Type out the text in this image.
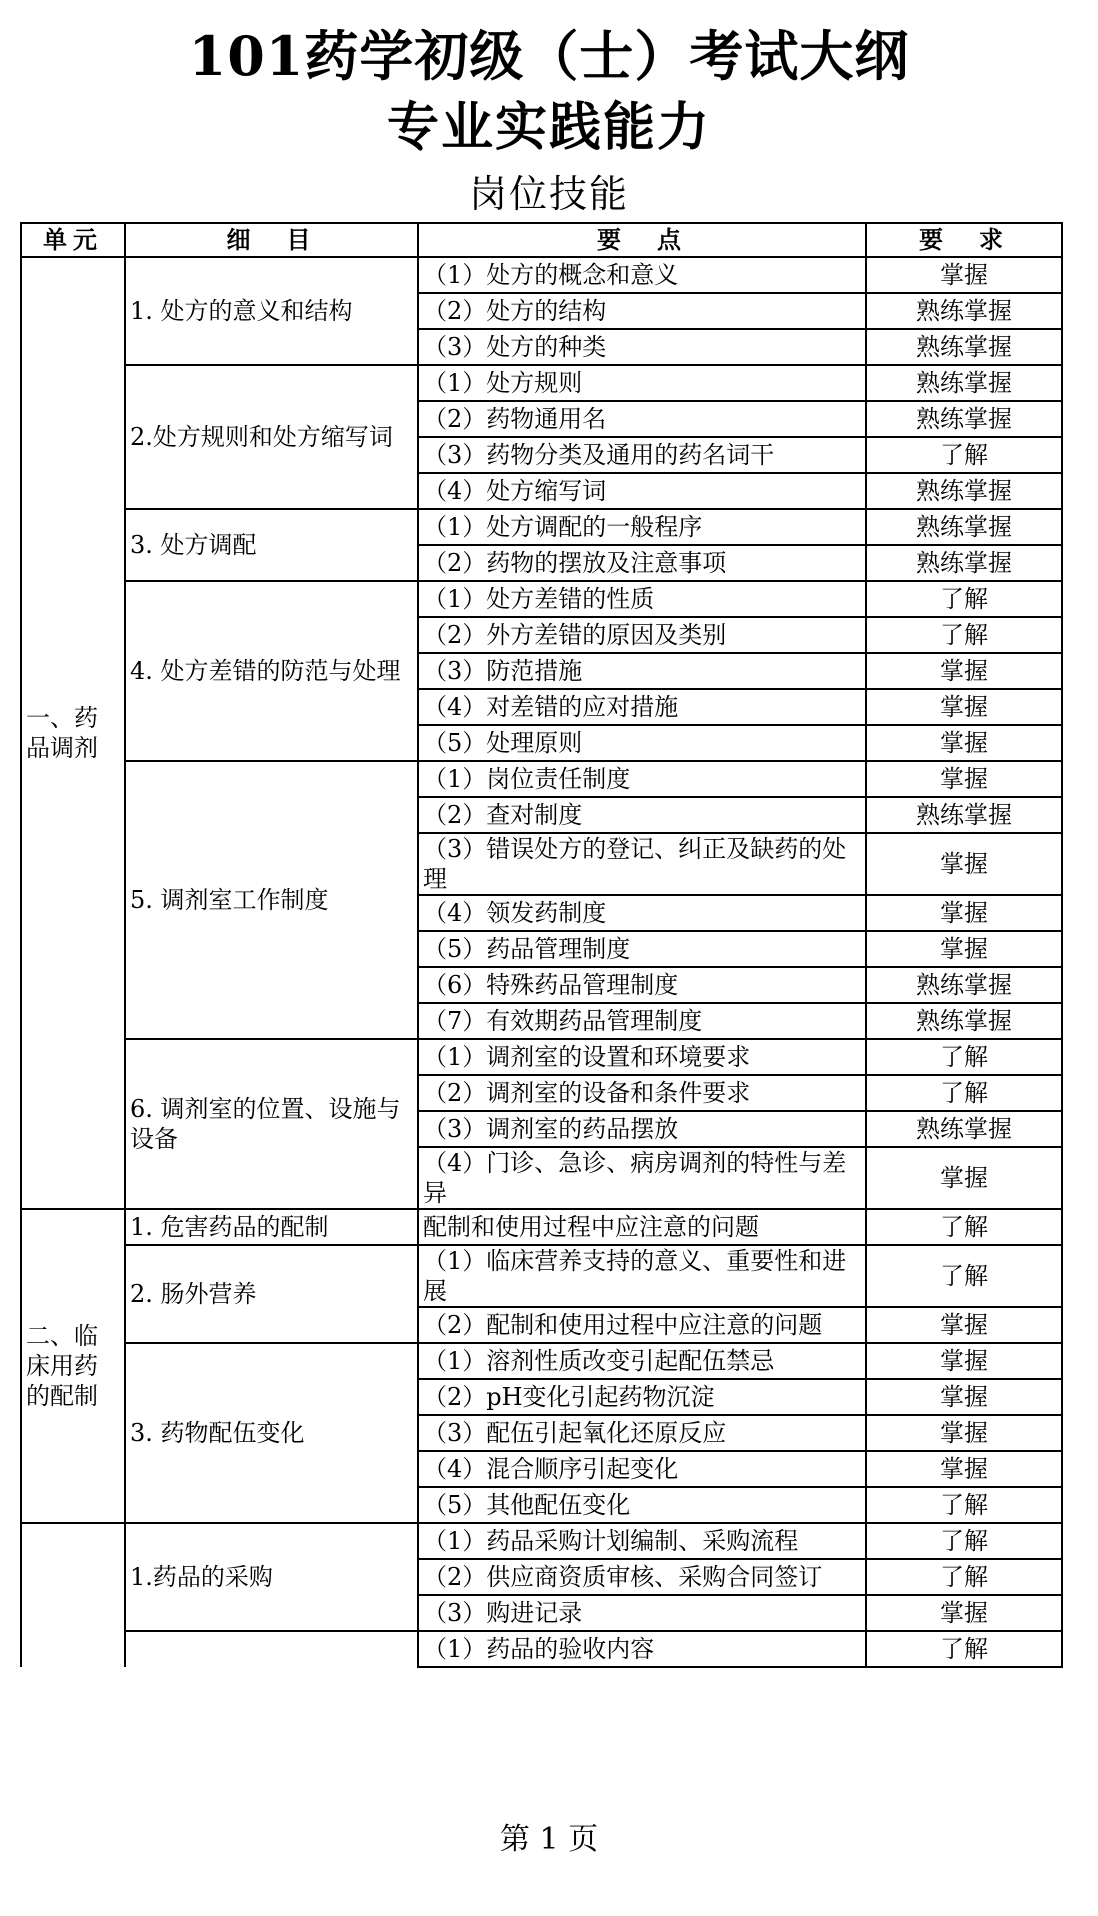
101药学初级（士）考试大纲
专业实践能力
岗位技能
单元	细　目	要　点	要　求
一、药品调剂	1. 处方的意义和结构	（1）处方的概念和意义	掌握
		（2）处方的结构	熟练掌握
		（3）处方的种类	熟练掌握
	2.处方规则和处方缩写词	（1）处方规则	熟练掌握
		（2）药物通用名	熟练掌握
		（3）药物分类及通用的药名词干	了解
		（4）处方缩写词	熟练掌握
	3. 处方调配	（1）处方调配的一般程序	熟练掌握
		（2）药物的摆放及注意事项	熟练掌握
	4. 处方差错的防范与处理	（1）处方差错的性质	了解
		（2）外方差错的原因及类别	了解
		（3）防范措施	掌握
		（4）对差错的应对措施	掌握
		（5）处理原则	掌握
	5. 调剂室工作制度	（1）岗位责任制度	掌握
		（2）查对制度	熟练掌握
		（3）错误处方的登记、纠正及缺药的处理	掌握
		（4）领发药制度	掌握
		（5）药品管理制度	掌握
		（6）特殊药品管理制度	熟练掌握
		（7）有效期药品管理制度	熟练掌握
	6. 调剂室的位置、设施与设备	（1）调剂室的设置和环境要求	了解
		（2）调剂室的设备和条件要求	了解
		（3）调剂室的药品摆放	熟练掌握
		（4）门诊、急诊、病房调剂的特性与差异	掌握
二、临床用药的配制	1. 危害药品的配制	配制和使用过程中应注意的问题	了解
	2. 肠外营养	（1）临床营养支持的意义、重要性和进展	了解
		（2）配制和使用过程中应注意的问题	掌握
	3. 药物配伍变化	（1）溶剂性质改变引起配伍禁忌	掌握
		（2）pH变化引起药物沉淀	掌握
		（3）配伍引起氧化还原反应	掌握
		（4）混合顺序引起变化	掌握
		（5）其他配伍变化	了解
	1.药品的采购	（1）药品采购计划编制、采购流程	了解
		（2）供应商资质审核、采购合同签订	了解
		（3）购进记录	掌握
		（1）药品的验收内容	了解
第 1 页
